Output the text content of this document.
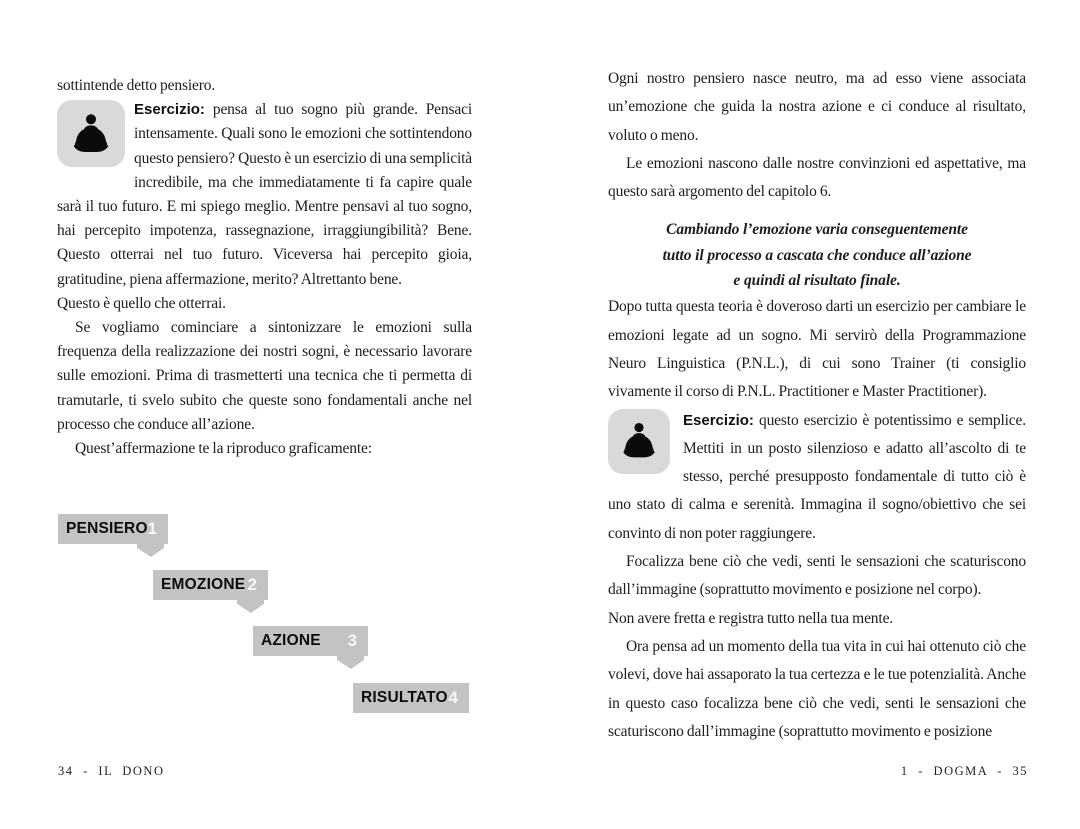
sottintende detto pensiero.

Esercizio: pensa al tuo sogno più grande. Pensaci intensamente. Quali sono le emozioni che sottintendono questo pensiero? Questo è un esercizio di una semplicità incredibile, ma che immediatamente ti fa capire quale sarà il tuo futuro. E mi spiego meglio. Mentre pensavi al tuo sogno, hai percepito impotenza, rassegnazione, irraggiungibilità? Bene. Questo otterrai nel tuo futuro. Viceversa hai percepito gioia, gratitudine, piena affermazione, merito? Altrettanto bene.

Questo è quello che otterrai.

Se vogliamo cominciare a sintonizzare le emozioni sulla frequenza della realizzazione dei nostri sogni, è necessario lavorare sulle emozioni. Prima di trasmetterti una tecnica che ti permetta di tramutarle, ti svelo subito che queste sono fondamentali anche nel processo che conduce all’azione.

Quest’affermazione te la riproduco graficamente:

PENSIERO 1
EMOZIONE 2
AZIONE	3
RISULTATO 4

Ogni nostro pensiero nasce neutro, ma ad esso viene associata un’emozione che guida la nostra azione e ci conduce al risultato, voluto o meno.

Le emozioni nascono dalle nostre convinzioni ed aspettative, ma questo sarà argomento del capitolo 6.

Cambiando l’emozione varia conseguentemente
tutto il processo a cascata che conduce all’azione
e quindi al risultato finale.

Dopo tutta questa teoria è doveroso darti un esercizio per cambiare le emozioni legate ad un sogno. Mi servirò della Programmazione Neuro Linguistica (P.N.L.), di cui sono Trainer (ti consiglio vivamente il corso di P.N.L. Practitioner e Master Practitioner).

Esercizio: questo esercizio è potentissimo e semplice. Mettiti in un posto silenzioso e adatto all’ascolto di te stesso, perché presupposto fondamentale di tutto ciò è uno stato di calma e serenità. Immagina il sogno/obiettivo che sei convinto di non poter raggiungere.

Focalizza bene ciò che vedi, senti le sensazioni che scaturiscono dall’immagine (soprattutto movimento e posizione nel corpo).

Non avere fretta e registra tutto nella tua mente.

Ora pensa ad un momento della tua vita in cui hai ottenuto ciò che volevi, dove hai assaporato la tua certezza e le tue potenzialità. Anche in questo caso focalizza bene ciò che vedi, senti le sensazioni che scaturiscono dall’immagine (soprattutto movimento e posizione

34 - IL DONO	1 - DOGMA - 35
